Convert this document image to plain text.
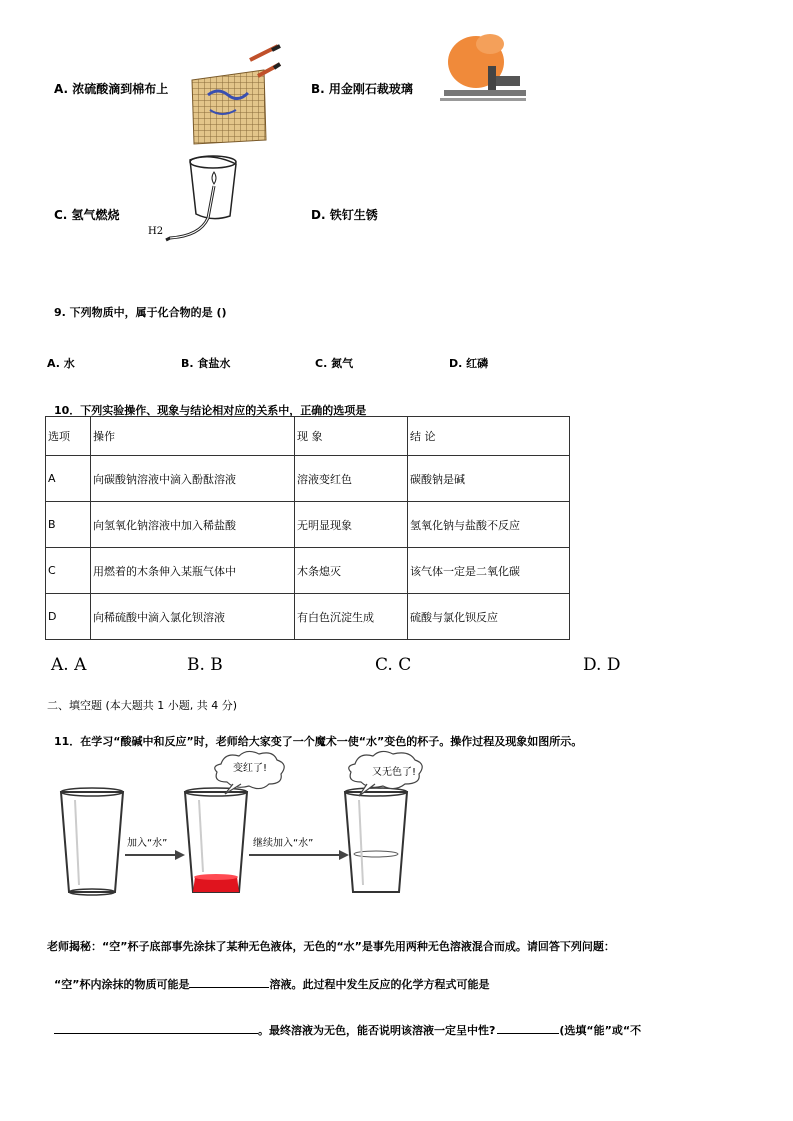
A. 浓硫酸滴到棉布上	B. 用金刚石裁玻璃
C. 氢气燃烧
H2
D. 铁钉生锈
9. 下列物质中，属于化合物的是 ()
A. 水	B. 食盐水	C. 氮气	D. 红磷
10．下列实验操作、现象与结论相对应的关系中，正确的选项是
选项	操作	现 象	结 论
A	向碳酸钠溶液中滴入酚酞溶液	溶液变红色	碳酸钠是碱
B	向氢氧化钠溶液中加入稀盐酸	无明显现象	氢氧化钠与盐酸不反应
C	用燃着的木条伸入某瓶气体中	木条熄灭	该气体一定是二氧化碳
D	向稀硫酸中滴入氯化钡溶液	有白色沉淀生成	硫酸与氯化钡反应
A. A	B. B	C. C	D. D
二、填空题 (本大题共 1 小题, 共 4 分)
11．在学习“酸碱中和反应”时，老师给大家变了一个魔术一使“水”变色的杯子。操作过程及现象如图所示。
变红了!	又无色了!
加入“水”	继续加入“水”
老师揭秘：“空”杯子底部事先涂抹了某种无色液体，无色的“水”是事先用两种无色溶液混合而成。请回答下列问题：
“空”杯内涂抹的物质可能是	溶液。此过程中发生反应的化学方程式可能是
。最终溶液为无色，能否说明该溶液一定呈中性?	(选填“能”或“不
